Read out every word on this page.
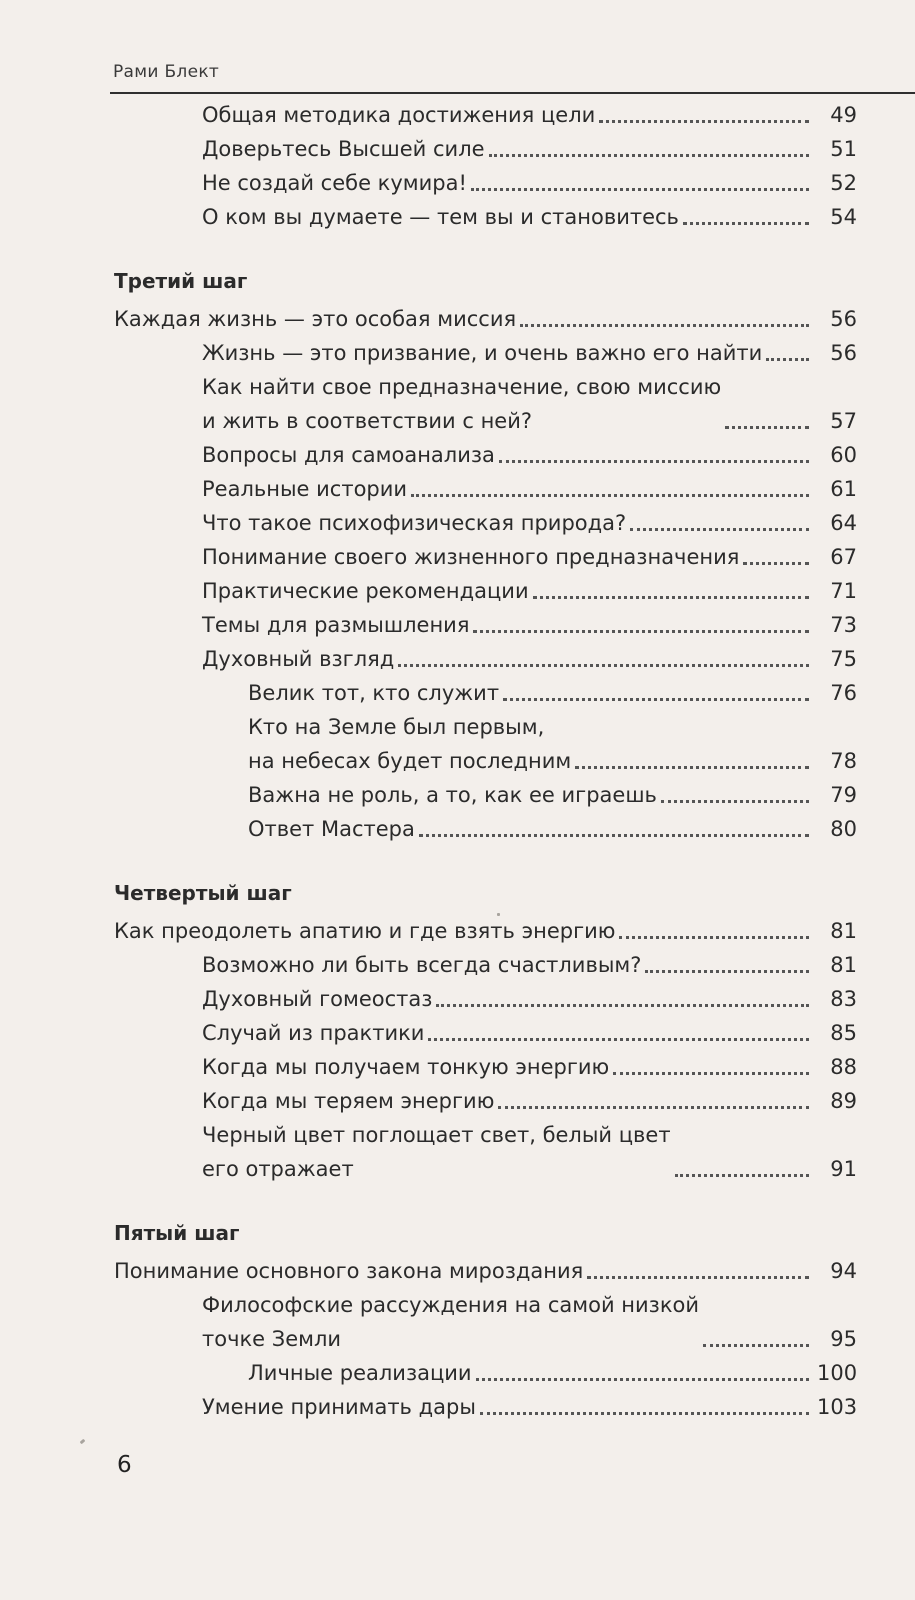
Рами Блект
Общая методика достижения цели	49
Доверьтесь Высшей силе	51
Не создай себе кумира!	52
О ком вы думаете — тем вы и становитесь	54
Третий шаг
Каждая жизнь — это особая миссия	56
Жизнь — это призвание, и очень важно его найти	56
Как найти свое предназначение, свою миссию
и жить в соответствии с ней?	57
Вопросы для самоанализа	60
Реальные истории	61
Что такое психофизическая природа?	64
Понимание своего жизненного предназначения	67
Практические рекомендации	71
Темы для размышления	73
Духовный взгляд	75
Велик тот, кто служит	76
Кто на Земле был первым,
на небесах будет последним	78
Важна не роль, а то, как ее играешь	79
Ответ Мастера	80
Четвертый шаг
Как преодолеть апатию и где взять энергию	81
Возможно ли быть всегда счастливым?	81
Духовный гомеостаз	83
Случай из практики	85
Когда мы получаем тонкую энергию	88
Когда мы теряем энергию	89
Черный цвет поглощает свет, белый цвет
его отражает	91
Пятый шаг
Понимание основного закона мироздания	94
Философские рассуждения на самой низкой
точке Земли	95
Личные реализации	100
Умение принимать дары	103
6
